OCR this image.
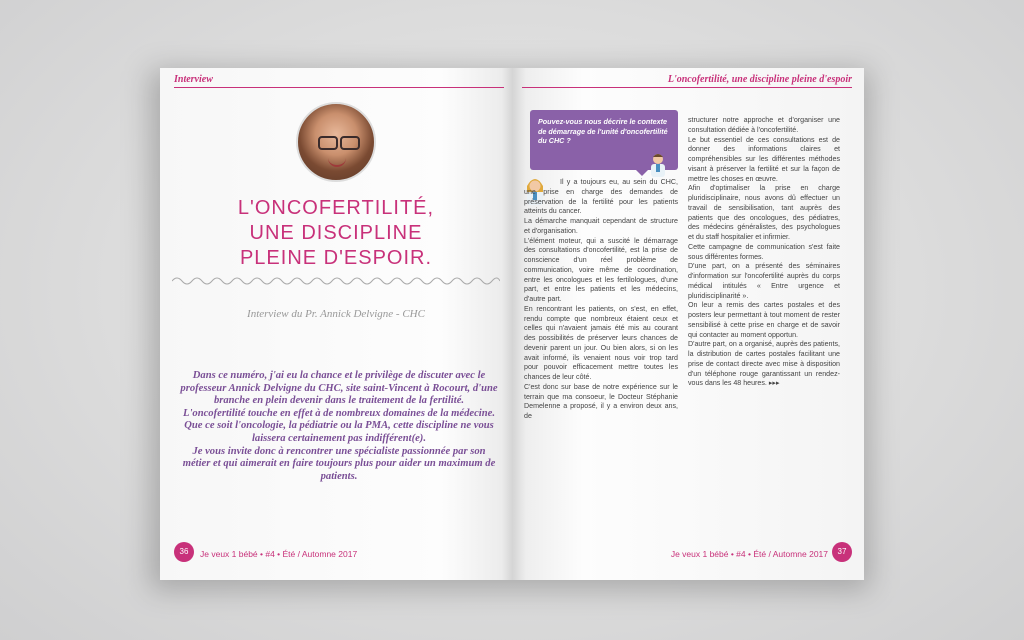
Interview
L'ONCOFERTILITÉ,
UNE DISCIPLINE
PLEINE D'ESPOIR.
Interview du Pr. Annick Delvigne - CHC

Dans ce numéro, j'ai eu la chance et le privilège de discuter avec le professeur Annick Delvigne du CHC, site saint-Vincent à Rocourt, d'une branche en plein devenir dans le traitement de la fertilité.

L'oncofertilité touche en effet à de nombreux domaines de la médecine. Que ce soit l'oncologie, la pédiatrie ou la PMA, cette discipline ne vous laissera certainement pas indifférent(e).

Je vous invite donc à rencontrer une spécialiste passionnée par son métier et qui aimerait en faire toujours plus pour aider un maximum de patients.

36	Je veux 1 bébé • #4 • Été / Automne 2017
L'oncofertilité, une discipline pleine d'espoir
Pouvez-vous nous décrire le contexte de démarrage de l'unité d'oncofertilité du CHC ?

Il y a toujours eu, au sein du CHC, une prise en charge des demandes de préservation de la fertilité pour les patients atteints du cancer.

La démarche manquait cependant de structure et d'organisation.

L'élément moteur, qui a suscité le démarrage des consultations d'oncofertilité, est la prise de conscience d'un réel problème de communication, voire même de coordination, entre les oncologues et les fertilologues, d'une part, et entre les patients et les médecins, d'autre part.

En rencontrant les patients, on s'est, en effet, rendu compte que nombreux étaient ceux et celles qui n'avaient jamais été mis au courant des possibilités de préserver leurs chances de devenir parent un jour. Ou bien alors, si on les avait informé, ils venaient nous voir trop tard pour pouvoir efficacement mettre toutes les chances de leur côté.

C'est donc sur base de notre expérience sur le terrain que ma consoeur, le Docteur Stéphanie Demelenne a proposé, il y a environ deux ans, de

structurer notre approche et d'organiser une consultation dédiée à l'oncofertilité.

Le but essentiel de ces consultations est de donner des informations claires et compréhensibles sur les différentes méthodes visant à préserver la fertilité et sur la façon de mettre les choses en œuvre.

Afin d'optimaliser la prise en charge pluridisciplinaire, nous avons dû effectuer un travail de sensibilisation, tant auprès des patients que des oncologues, des pédiatres, des médecins généralistes, des psychologues et du staff hospitalier et infirmier.

Cette campagne de communication s'est faite sous différentes formes.

D'une part, on a présenté des séminaires d'information sur l'oncofertilité auprès du corps médical intitulés « Entre urgence et pluridisciplinarité ».

On leur a remis des cartes postales et des posters leur permettant à tout moment de rester sensibilisé à cette prise en charge et de savoir qui contacter au moment opportun.

D'autre part, on a organisé, auprès des patients, la distribution de cartes postales facilitant une prise de contact directe avec mise à disposition d'un téléphone rouge garantissant un rendez-vous dans les 48 heures. ▸▸▸

Je veux 1 bébé • #4 • Été / Automne 2017	37
